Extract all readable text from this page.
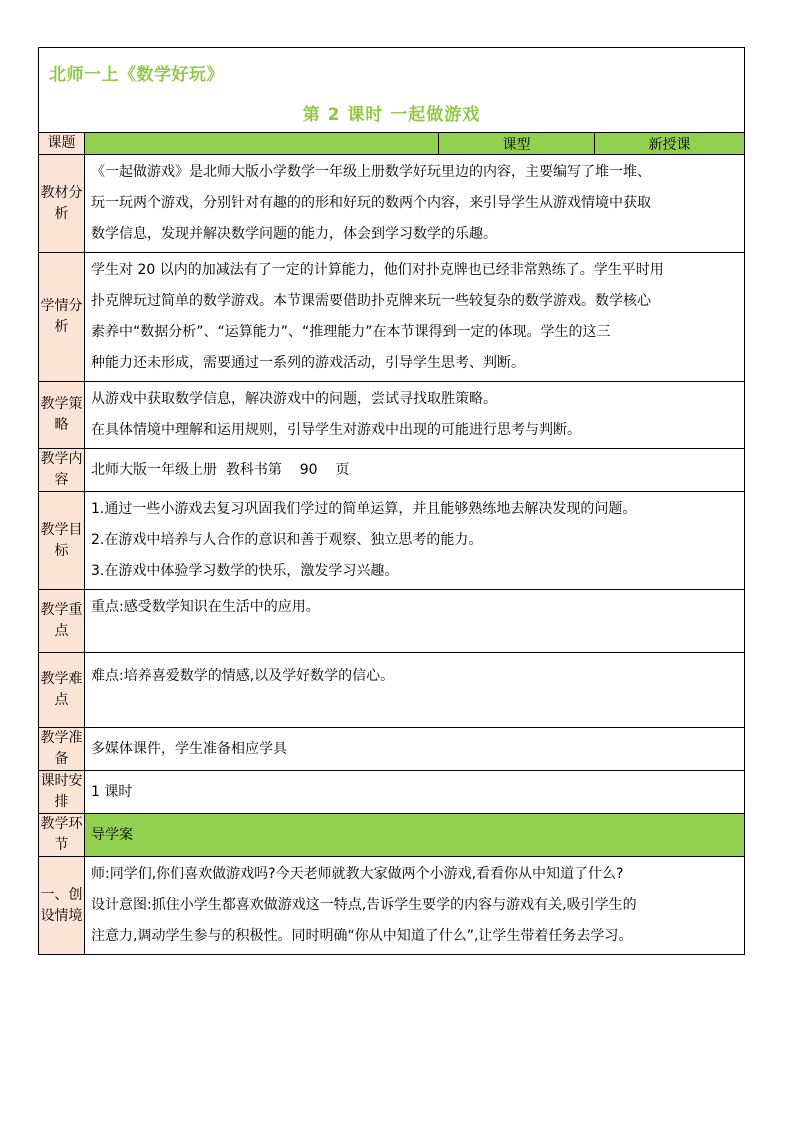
北师一上《数学好玩》
第 2 课时 一起做游戏			

课题		课型	新授课
教材分析	《一起做游戏》是北师大版小学数学一年级上册数学好玩里边的内容，主要编写了堆一堆、
玩一玩两个游戏，分别针对有趣的的形和好玩的数两个内容，来引导学生从游戏情境中获取
数学信息，发现并解决数学问题的能力，体会到学习数学的乐趣。		

学情分析	学生对 20 以内的加减法有了一定的计算能力，他们对扑克牌也已经非常熟练了。学生平时用
扑克牌玩过简单的数学游戏。本节课需要借助扑克牌来玩一些较复杂的数学游戏。数学核心
素养中“数据分析”、“运算能力”、“推理能力”在本节课得到一定的体现。学生的这三
种能力还未形成，需要通过一系列的游戏活动，引导学生思考、判断。		

教学策略	从游戏中获取数学信息，解决游戏中的问题，尝试寻找取胜策略。
在具体情境中理解和运用规则，引导学生对游戏中出现的可能进行思考与判断。		

教学内容	北师大版一年级上册  教科书第    90    页		
教学目标	1.通过一些小游戏去复习巩固我们学过的简单运算，并且能够熟练地去解决发现的问题。
2.在游戏中培养与人合作的意识和善于观察、独立思考的能力。
3.在游戏中体验学习数学的快乐，激发学习兴趣。		

教学重点	重点:感受数学知识在生活中的应用。		
教学难点	难点:培养喜爱数学的情感,以及学好数学的信心。		
教学准备	多媒体课件，学生准备相应学具		
课时安排	1 课时		
教学环节	导学案		
一、创设情境	师:同学们,你们喜欢做游戏吗?今天老师就教大家做两个小游戏,看看你从中知道了什么?
设计意图:抓住小学生都喜欢做游戏这一特点,告诉学生要学的内容与游戏有关,吸引学生的
注意力,调动学生参与的积极性。同时明确“你从中知道了什么”,让学生带着任务去学习。		
